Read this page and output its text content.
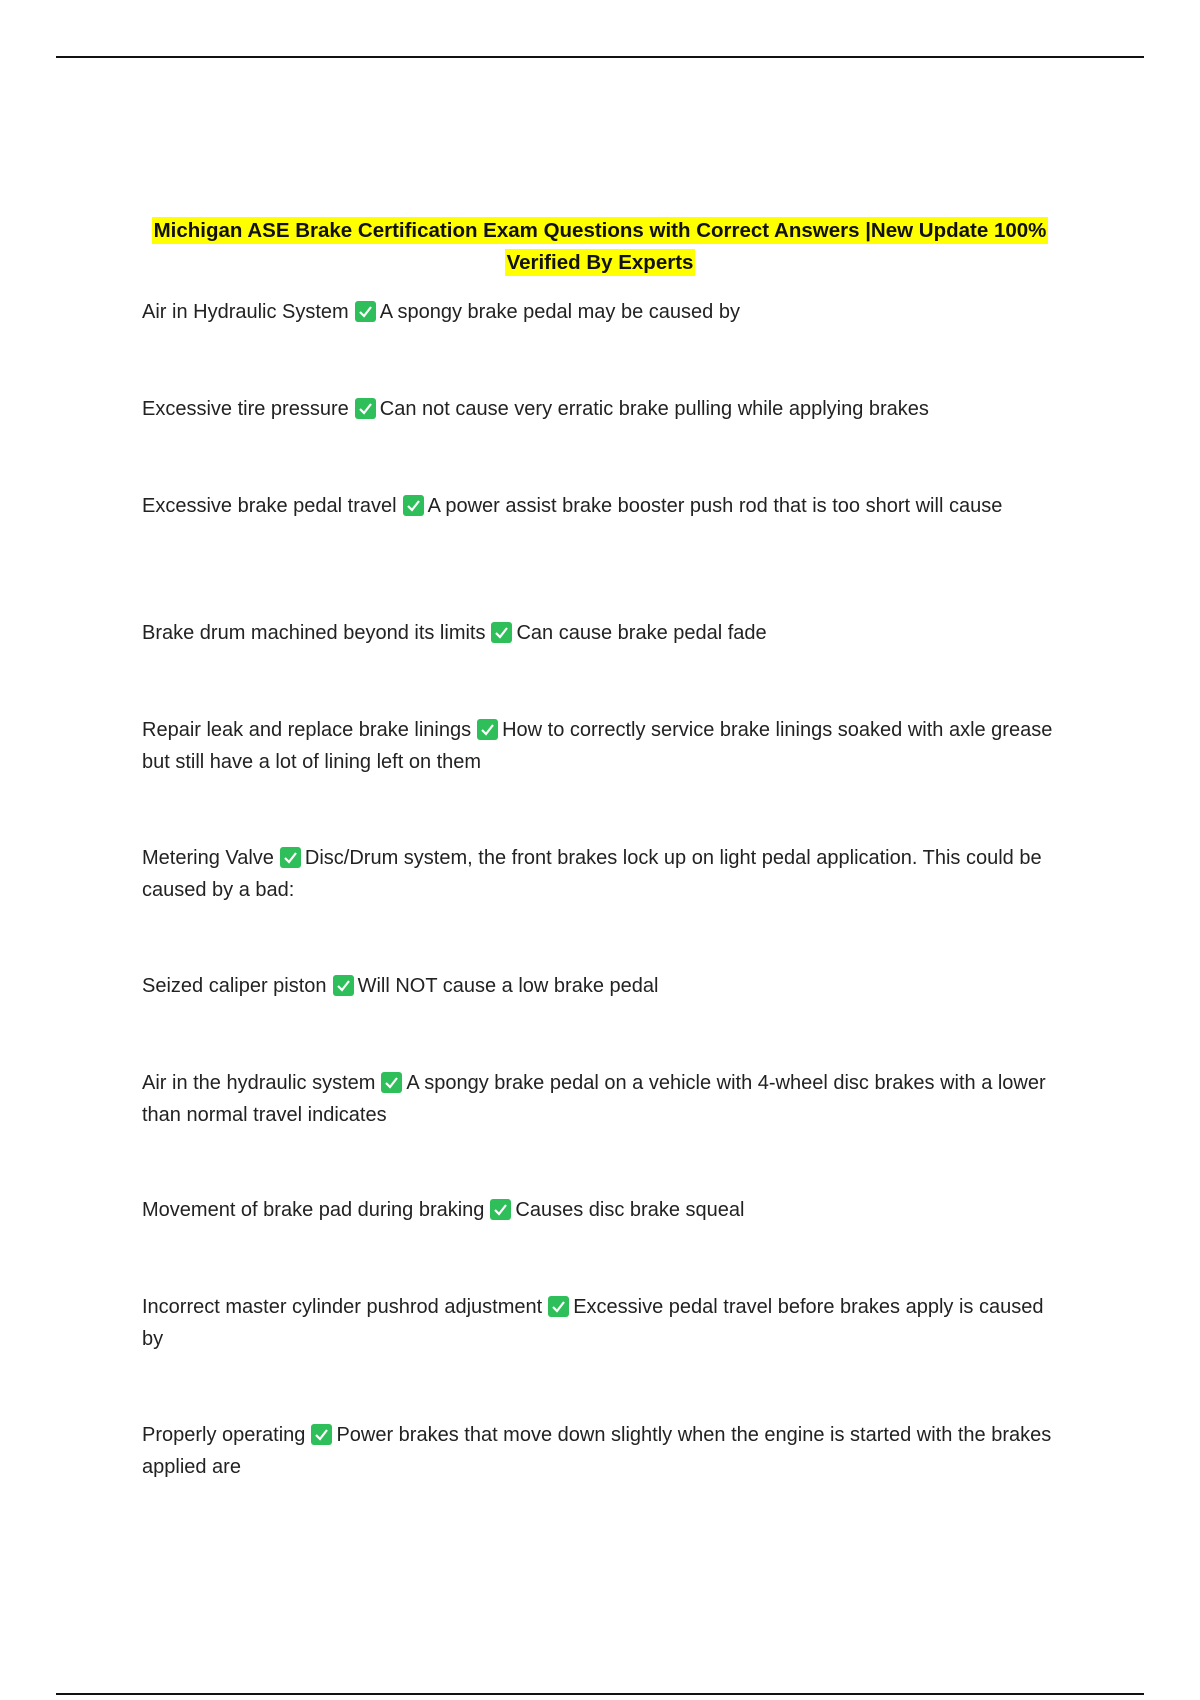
Michigan ASE Brake Certification Exam Questions with Correct Answers |New Update 100%
Verified By Experts
Air in Hydraulic System A spongy brake pedal may be caused by
Excessive tire pressure Can not cause very erratic brake pulling while applying brakes
Excessive brake pedal travel A power assist brake booster push rod that is too short will cause
Brake drum machined beyond its limits Can cause brake pedal fade
Repair leak and replace brake linings How to correctly service brake linings soaked with axle grease but still have a lot of lining left on them
Metering Valve Disc/Drum system, the front brakes lock up on light pedal application. This could be caused by a bad:
Seized caliper piston Will NOT cause a low brake pedal
Air in the hydraulic system A spongy brake pedal on a vehicle with 4-wheel disc brakes with a lower than normal travel indicates
Movement of brake pad during braking Causes disc brake squeal
Incorrect master cylinder pushrod adjustment Excessive pedal travel before brakes apply is caused by
Properly operating Power brakes that move down slightly when the engine is started with the brakes applied are
